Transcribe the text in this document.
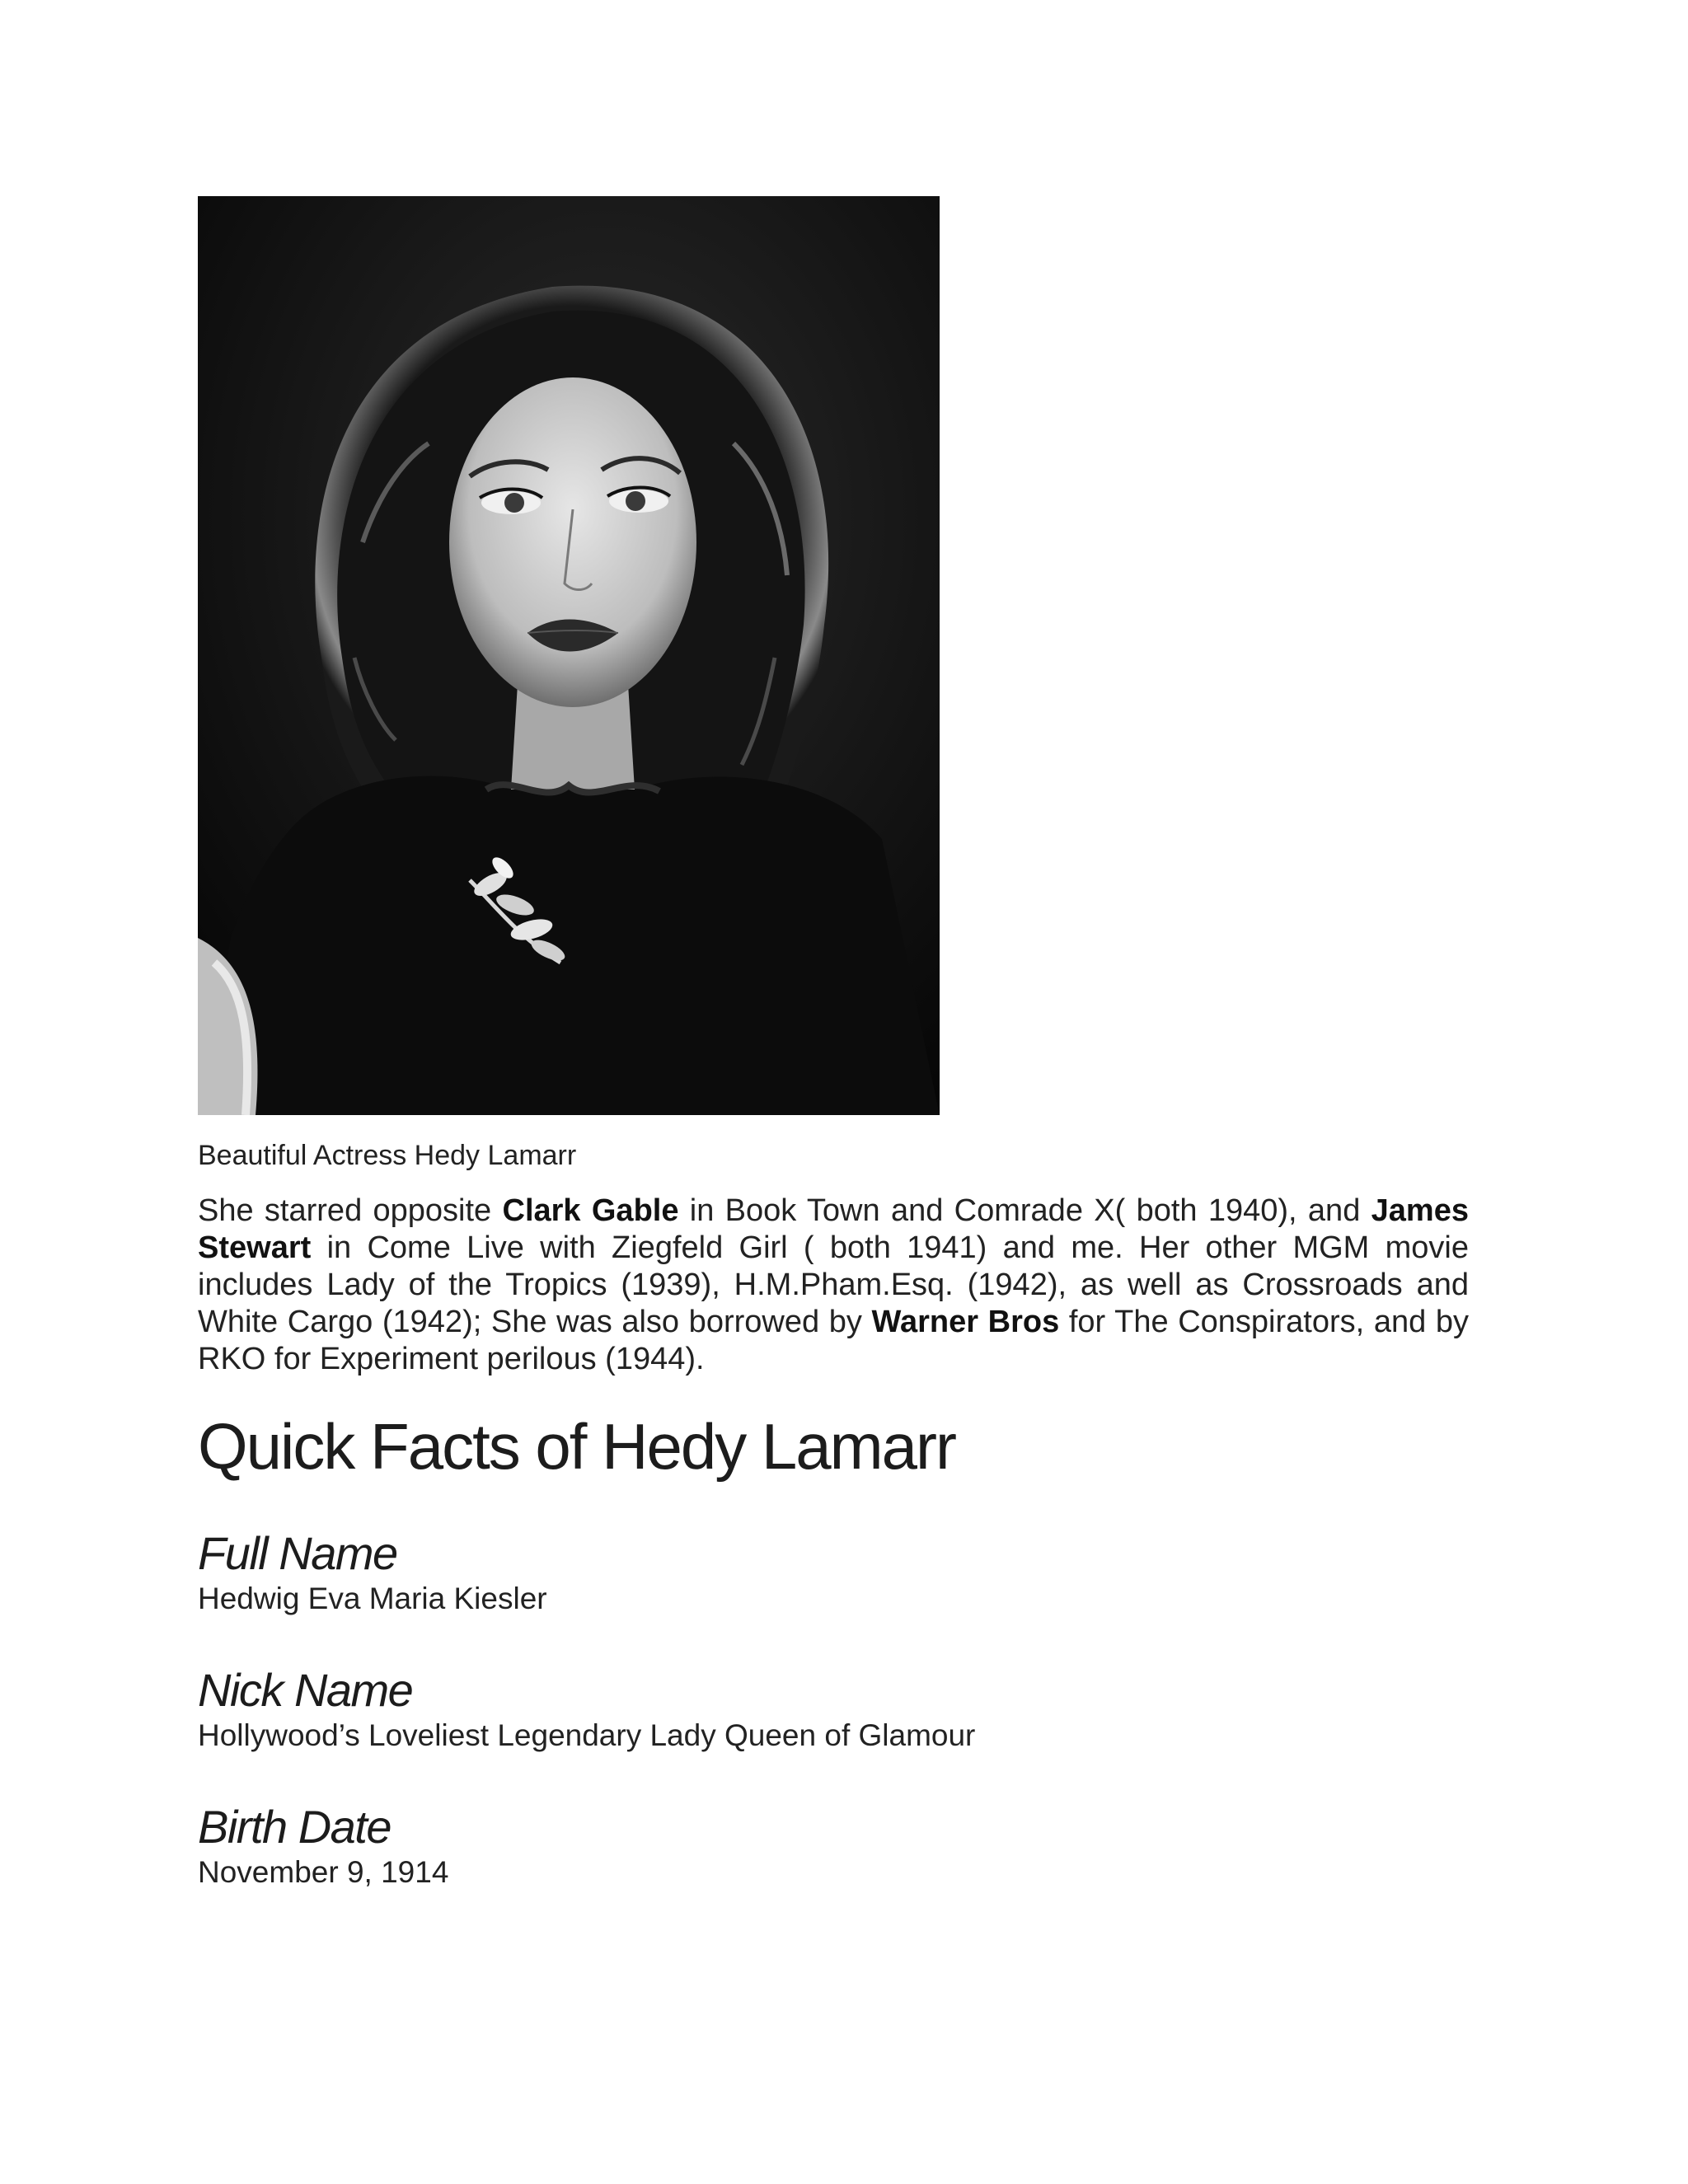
Beautiful Actress Hedy Lamarr

She starred opposite Clark Gable in Book Town and Comrade X( both 1940), and James Stewart in Come Live with Ziegfeld Girl ( both 1941) and me. Her other MGM movie includes Lady of the Tropics (1939), H.M.Pham.Esq. (1942), as well as Crossroads and White Cargo (1942); She was also borrowed by Warner Bros for The Conspirators, and by RKO for Experiment perilous (1944).

Quick Facts of Hedy Lamarr
Full Name
Hedwig Eva Maria Kiesler
Nick Name
Hollywood’s Loveliest Legendary Lady Queen of Glamour
Birth Date
November 9, 1914
